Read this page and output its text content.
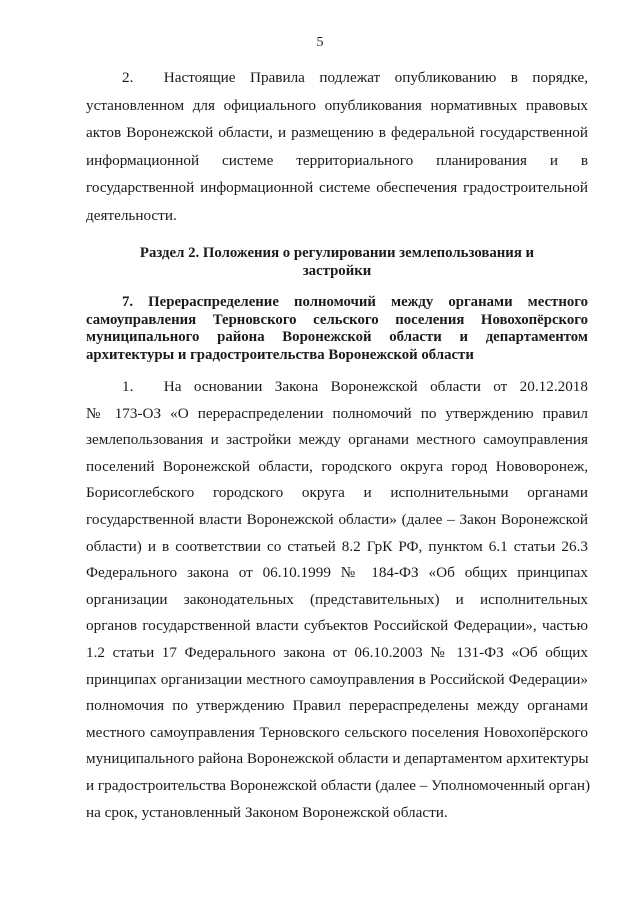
5
2.  Настоящие Правила подлежат опубликованию в порядке,
установленном для официального опубликования нормативных правовых
актов Воронежской области, и размещению в федеральной государственной
информационной системе территориального планирования и в
государственной информационной системе обеспечения градостроительной
деятельности.
Раздел 2. Положения о регулировании землепользования и
застройки
7. Перераспределение полномочий между органами местного
самоуправления Терновского сельского поселения Новохопёрского
муниципального района Воронежской области и департаментом
архитектуры и градостроительства Воронежской области
1.  На основании Закона Воронежской области от 20.12.2018
№ 173-ОЗ «О перераспределении полномочий по утверждению правил
землепользования и застройки между органами местного самоуправления
поселений Воронежской области, городского округа город Нововоронеж,
Борисоглебского городского округа и исполнительными органами
государственной власти Воронежской области» (далее – Закон Воронежской
области) и в соответствии со статьей 8.2 ГрК РФ, пунктом 6.1 статьи 26.3
Федерального закона от 06.10.1999 № 184-ФЗ «Об общих принципах
организации законодательных (представительных) и исполнительных
органов государственной власти субъектов Российской Федерации», частью
1.2 статьи 17 Федерального закона от 06.10.2003 № 131-ФЗ «Об общих
принципах организации местного самоуправления в Российской Федерации»
полномочия по утверждению Правил перераспределены между органами
местного самоуправления Терновского сельского поселения Новохопёрского
муниципального района Воронежской области и департаментом архитектуры
и градостроительства Воронежской области (далее – Уполномоченный орган)
на срок, установленный Законом Воронежской области.
